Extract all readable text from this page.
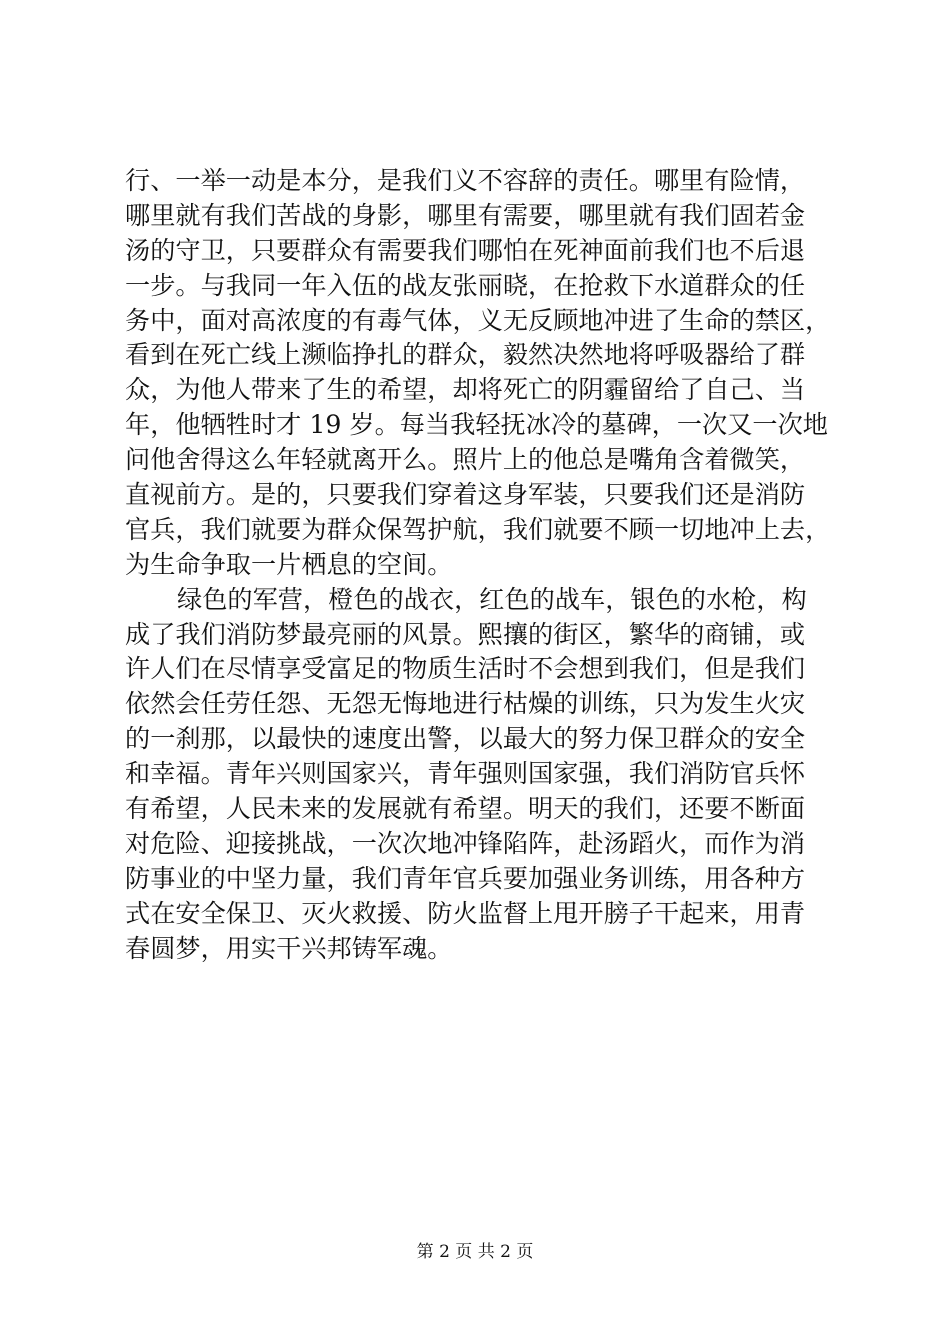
行、一举一动是本分，是我们义不容辞的责任。哪里有险情，
哪里就有我们苦战的身影，哪里有需要，哪里就有我们固若金
汤的守卫，只要群众有需要我们哪怕在死神面前我们也不后退
一步。与我同一年入伍的战友张丽晓，在抢救下水道群众的任
务中，面对高浓度的有毒气体，义无反顾地冲进了生命的禁区，
看到在死亡线上濒临挣扎的群众，毅然决然地将呼吸器给了群
众，为他人带来了生的希望，却将死亡的阴霾留给了自己、当
年，他牺牲时才 19 岁。每当我轻抚冰冷的墓碑，一次又一次地
问他舍得这么年轻就离开么。照片上的他总是嘴角含着微笑，
直视前方。是的，只要我们穿着这身军装，只要我们还是消防
官兵，我们就要为群众保驾护航，我们就要不顾一切地冲上去，
为生命争取一片栖息的空间。
绿色的军营，橙色的战衣，红色的战车，银色的水枪，构
成了我们消防梦最亮丽的风景。熙攘的街区，繁华的商铺，或
许人们在尽情享受富足的物质生活时不会想到我们，但是我们
依然会任劳任怨、无怨无悔地进行枯燥的训练，只为发生火灾
的一刹那，以最快的速度出警，以最大的努力保卫群众的安全
和幸福。青年兴则国家兴，青年强则国家强，我们消防官兵怀
有希望，人民未来的发展就有希望。明天的我们，还要不断面
对危险、迎接挑战，一次次地冲锋陷阵，赴汤蹈火，而作为消
防事业的中坚力量，我们青年官兵要加强业务训练，用各种方
式在安全保卫、灭火救援、防火监督上甩开膀子干起来，用青
春圆梦，用实干兴邦铸军魂。
第 2 页 共 2 页
